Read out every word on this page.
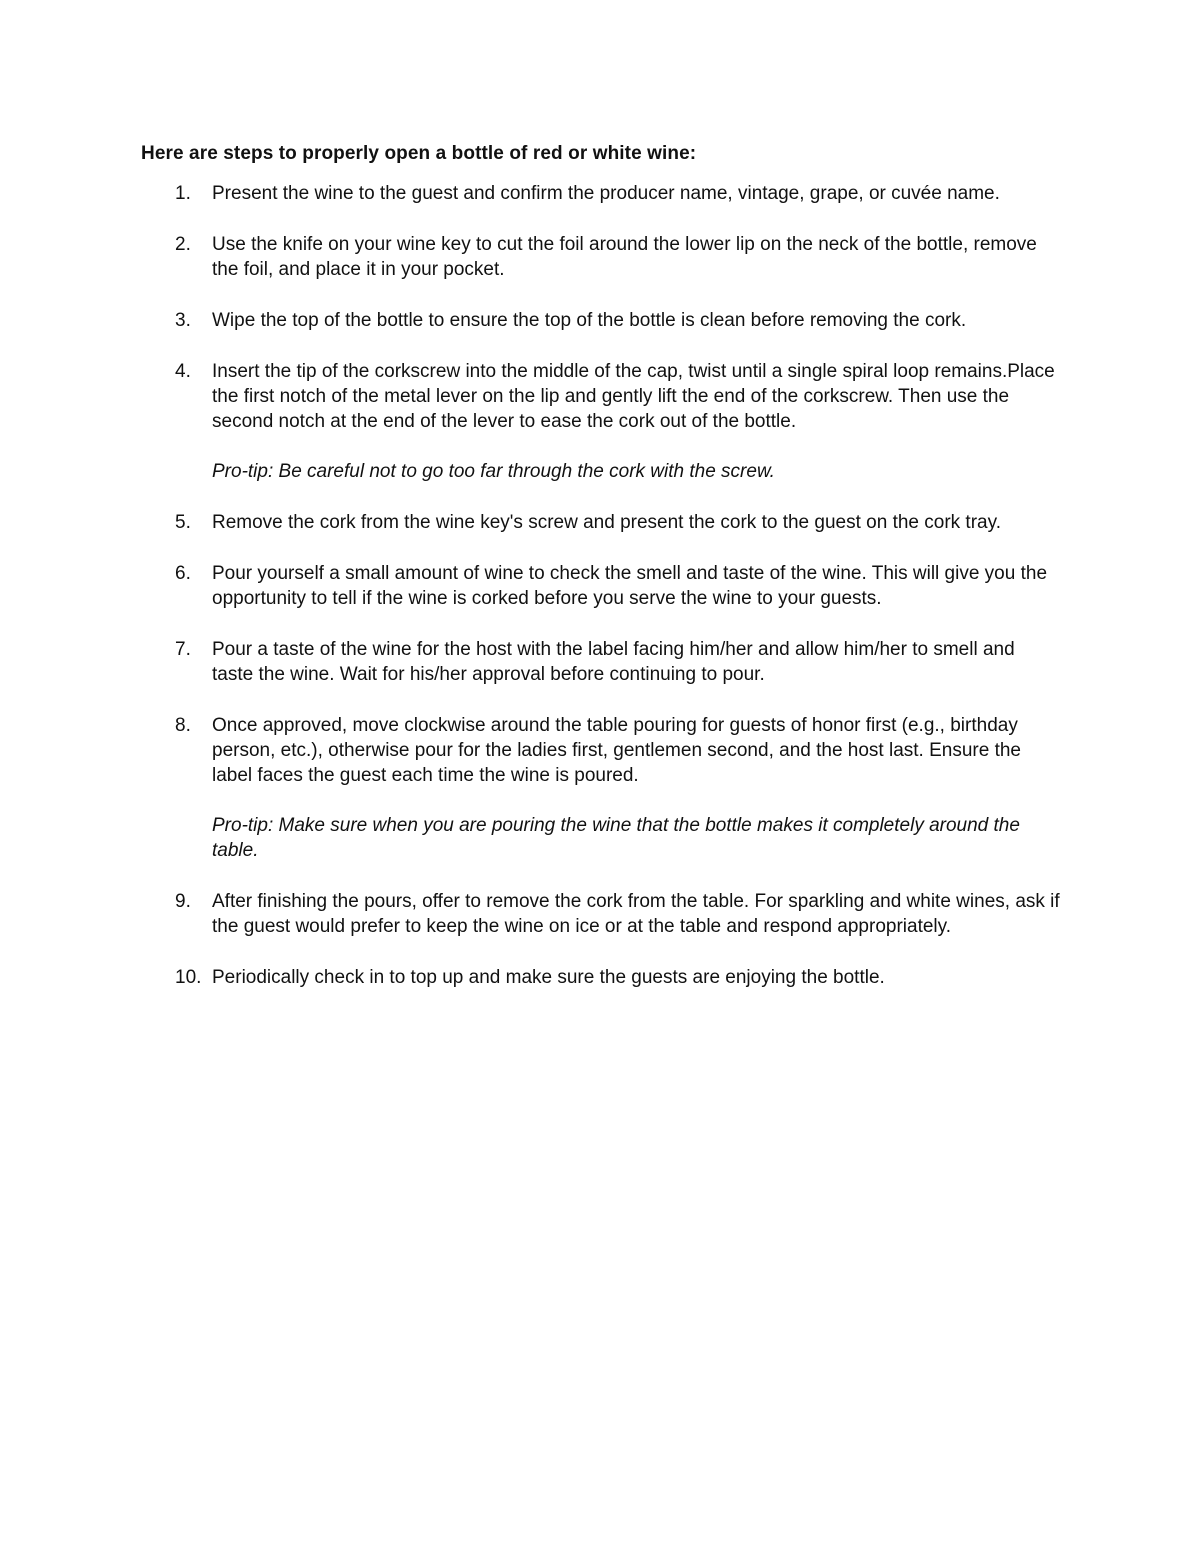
Here are steps to properly open a bottle of red or white wine:
1. Present the wine to the guest and confirm the producer name, vintage, grape, or cuvée name.

2. Use the knife on your wine key to cut the foil around the lower lip on the neck of the bottle, remove the foil, and place it in your pocket.

3. Wipe the top of the bottle to ensure the top of the bottle is clean before removing the cork.

4. Insert the tip of the corkscrew into the middle of the cap, twist until a single spiral loop remains.Place the first notch of the metal lever on the lip and gently lift the end of the corkscrew. Then use the second notch at the end of the lever to ease the cork out of the bottle.

Pro-tip: Be careful not to go too far through the cork with the screw.

5. Remove the cork from the wine key's screw and present the cork to the guest on the cork tray.

6. Pour yourself a small amount of wine to check the smell and taste of the wine. This will give you the opportunity to tell if the wine is corked before you serve the wine to your guests.

7. Pour a taste of the wine for the host with the label facing him/her and allow him/her to smell and taste the wine. Wait for his/her approval before continuing to pour.

8. Once approved, move clockwise around the table pouring for guests of honor first (e.g., birthday person, etc.), otherwise pour for the ladies first, gentlemen second, and the host last. Ensure the label faces the guest each time the wine is poured.

Pro-tip: Make sure when you are pouring the wine that the bottle makes it completely around the table.

9. After finishing the pours, offer to remove the cork from the table. For sparkling and white wines, ask if the guest would prefer to keep the wine on ice or at the table and respond appropriately.

10. Periodically check in to top up and make sure the guests are enjoying the bottle.
